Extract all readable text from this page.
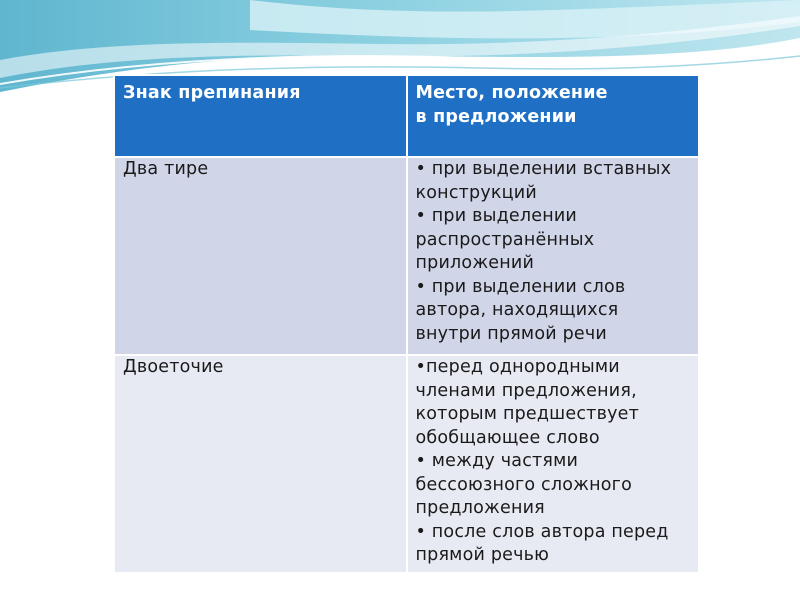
Знак препинания	Место, положение
в предложении
Два тире	• при выделении вставных конструкций
• при выделении распространённых приложений
• при выделении слов автора, находящихся внутри прямой речи

Двоеточие	•перед однородными членами предложения, которым предшествует обобщающее слово
• между частями бессоюзного сложного предложения
• после слов автора перед прямой речью
